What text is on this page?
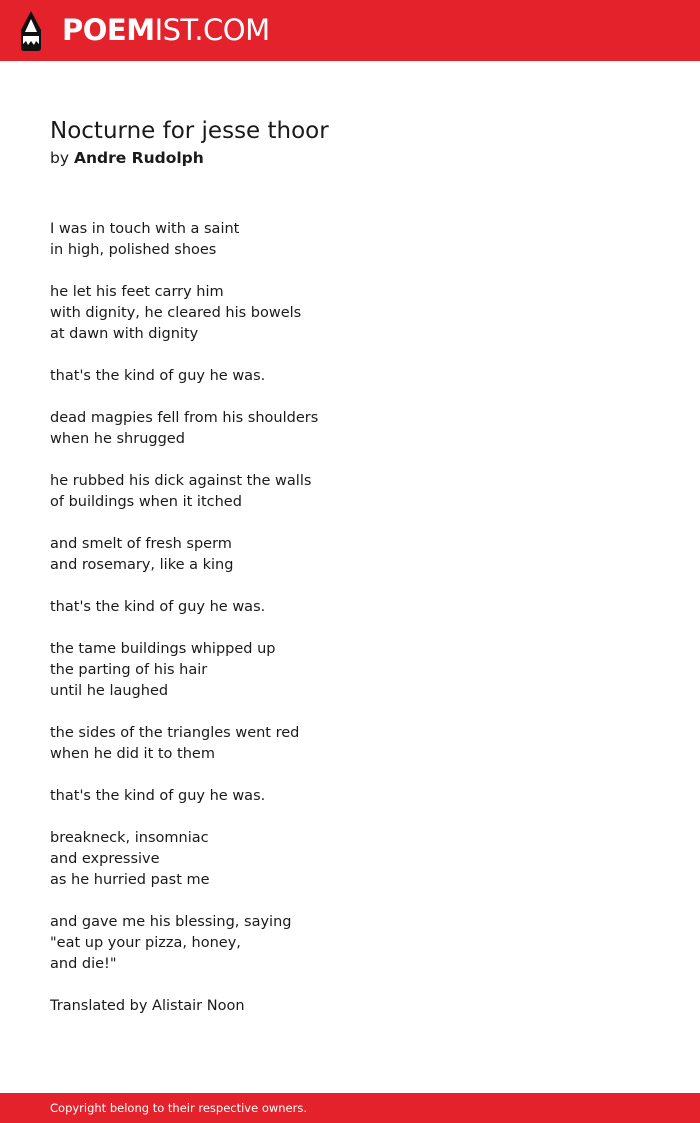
POEMIST.COM
Nocturne for jesse thoor
by Andre Rudolph
I was in touch with a saint
in high, polished shoes
he let his feet carry him
with dignity, he cleared his bowels
at dawn with dignity
that's the kind of guy he was.
dead magpies fell from his shoulders
when he shrugged
he rubbed his dick against the walls
of buildings when it itched
and smelt of fresh sperm
and rosemary, like a king
that's the kind of guy he was.
the tame buildings whipped up
the parting of his hair
until he laughed
the sides of the triangles went red
when he did it to them
that's the kind of guy he was.
breakneck, insomniac
and expressive
as he hurried past me
and gave me his blessing, saying
"eat up your pizza, honey,
and die!"
Translated by Alistair Noon
Copyright belong to their respective owners.
